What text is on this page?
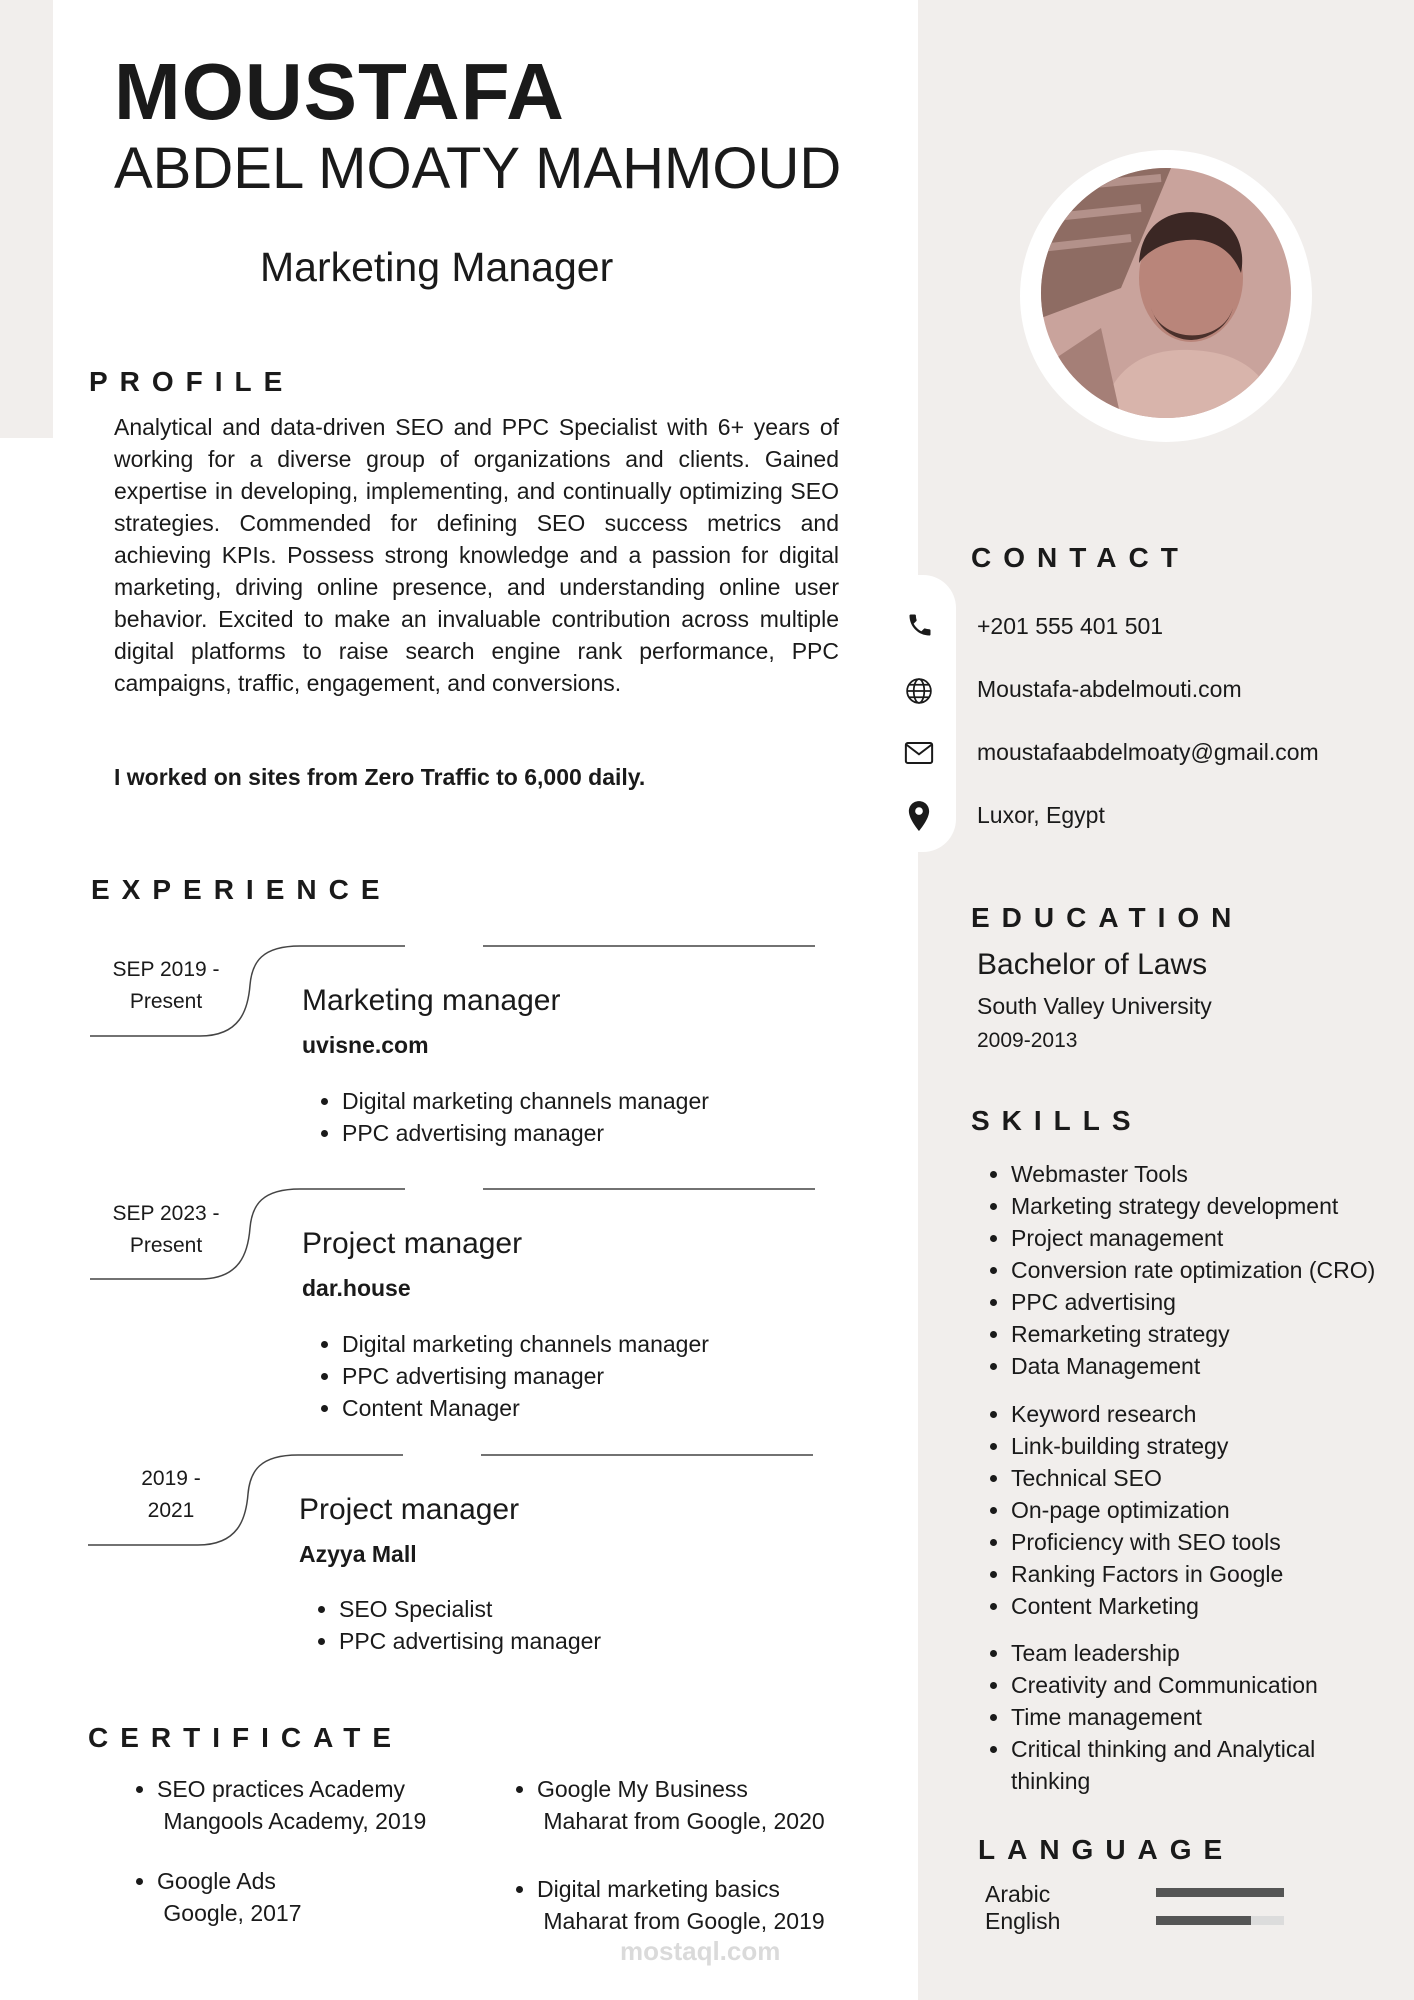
MOUSTAFA
ABDEL MOATY MAHMOUD
Marketing Manager
PROFILE
Analytical and data-driven SEO and PPC Specialist with 6+ years of working for a diverse group of organizations and clients. Gained expertise in developing, implementing, and continually optimizing SEO strategies. Commended for defining SEO success metrics and achieving KPIs. Possess strong knowledge and a passion for digital marketing, driving online presence, and understanding online user behavior. Excited to make an invaluable contribution across multiple digital platforms to raise search engine rank performance, PPC campaigns, traffic, engagement, and conversions.
I worked on sites from Zero Traffic to 6,000 daily.
EXPERIENCE
SEP 2019 -
Present	Marketing manager
uvisne.com
• Digital marketing channels manager
• PPC advertising manager
SEP 2023 -
Present	Project manager
dar.house
• Digital marketing channels manager
• PPC advertising manager
• Content Manager
2019 -
2021	Project manager
Azyya Mall
• SEO Specialist
• PPC advertising manager
CERTIFICATE
• SEO practices Academy
Mangools Academy, 2019
• Google My Business
Maharat from Google, 2020
• Google Ads
Google, 2017
• Digital marketing basics
Maharat from Google, 2019
mostaql.com
CONTACT
+201 555 401 501
Moustafa-abdelmouti.com
moustafaabdelmoaty@gmail.com
Luxor, Egypt
EDUCATION
Bachelor of Laws
South Valley University
2009-2013
SKILLS
• Webmaster Tools
• Marketing strategy development
• Project management
• Conversion rate optimization (CRO)
• PPC advertising
• Remarketing strategy
• Data Management
• Keyword research
• Link-building strategy
• Technical SEO
• On-page optimization
• Proficiency with SEO tools
• Ranking Factors in Google
• Content Marketing
• Team leadership
• Creativity and Communication
• Time management
• Critical thinking and Analytical thinking
LANGUAGE
Arabic
English
